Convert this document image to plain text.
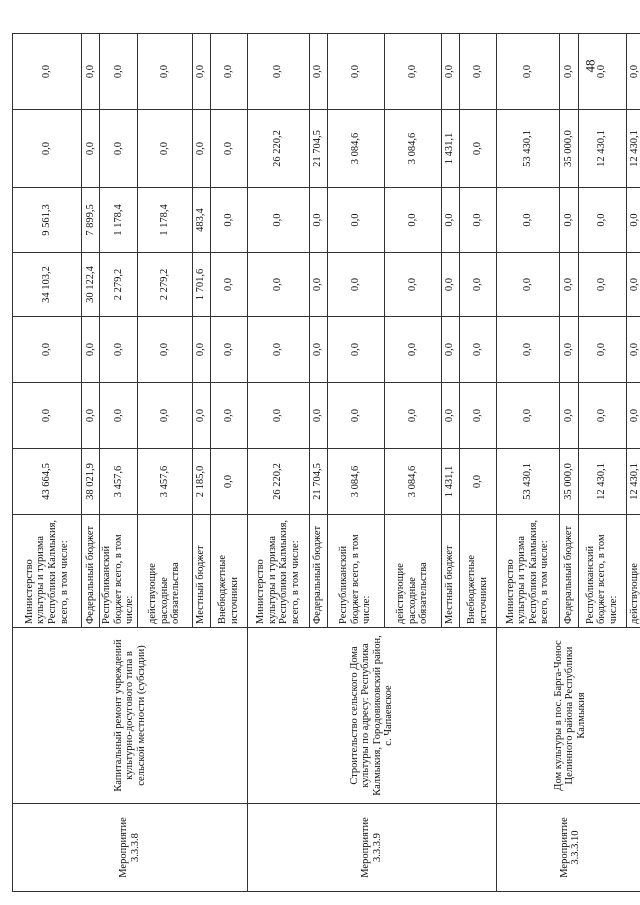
48
Мероприятие 3.3.3.8	Капитальный ремонт учреждений культурно-досугового типа в сельской местности (субсидии)	Министерство культуры и туризма Республики Калмыкия, всего, в том числе:	43 664,5	0,0	0,0	34 103,2	9 561,3	0,0	0,0
		Федеральный бюджет	38 021,9	0,0	0,0	30 122,4	7 899,5	0,0	0,0
		Республиканский бюджет всего, в том числе:	3 457,6	0,0	0,0	2 279,2	1 178,4	0,0	0,0
		действующие расходные обязательства	3 457,6	0,0	0,0	2 279,2	1 178,4	0,0	0,0
		Местный бюджет	2 185,0	0,0	0,0	1 701,6	483,4	0,0	0,0
		Внебюджетные источники	0,0	0,0	0,0	0,0	0,0	0,0	0,0
Мероприятие 3.3.3.9	Строительство сельского Дома культуры по адресу: Республика Калмыкия, Городовиковский район, с. Чапаевское	Министерство культуры и туризма Республики Калмыкия, всего, в том числе:	26 220,2	0,0	0,0	0,0	0,0	26 220,2	0,0
		Федеральный бюджет	21 704,5	0,0	0,0	0,0	0,0	21 704,5	0,0
		Республиканский бюджет всего, в том числе:	3 084,6	0,0	0,0	0,0	0,0	3 084,6	0,0
		действующие расходные обязательства	3 084,6	0,0	0,0	0,0	0,0	3 084,6	0,0
		Местный бюджет	1 431,1	0,0	0,0	0,0	0,0	1 431,1	0,0
		Внебюджетные источники	0,0	0,0	0,0	0,0	0,0	0,0	0,0
Мероприятие 3.3.3.10	Дом культуры в пос. Барга-Чонос Целинного района Республики Калмыкия	Министерство культуры и туризма Республики Калмыкия, всего, в том числе:	53 430,1	0,0	0,0	0,0	0,0	53 430,1	0,0
		Федеральный бюджет	35 000,0	0,0	0,0	0,0	0,0	35 000,0	0,0
		Республиканский бюджет всего, в том числе:	12 430,1	0,0	0,0	0,0	0,0	12 430,1	0,0
		действующие	12 430,1	0,0	0,0	0,0	0,0	12 430,1	0,0
